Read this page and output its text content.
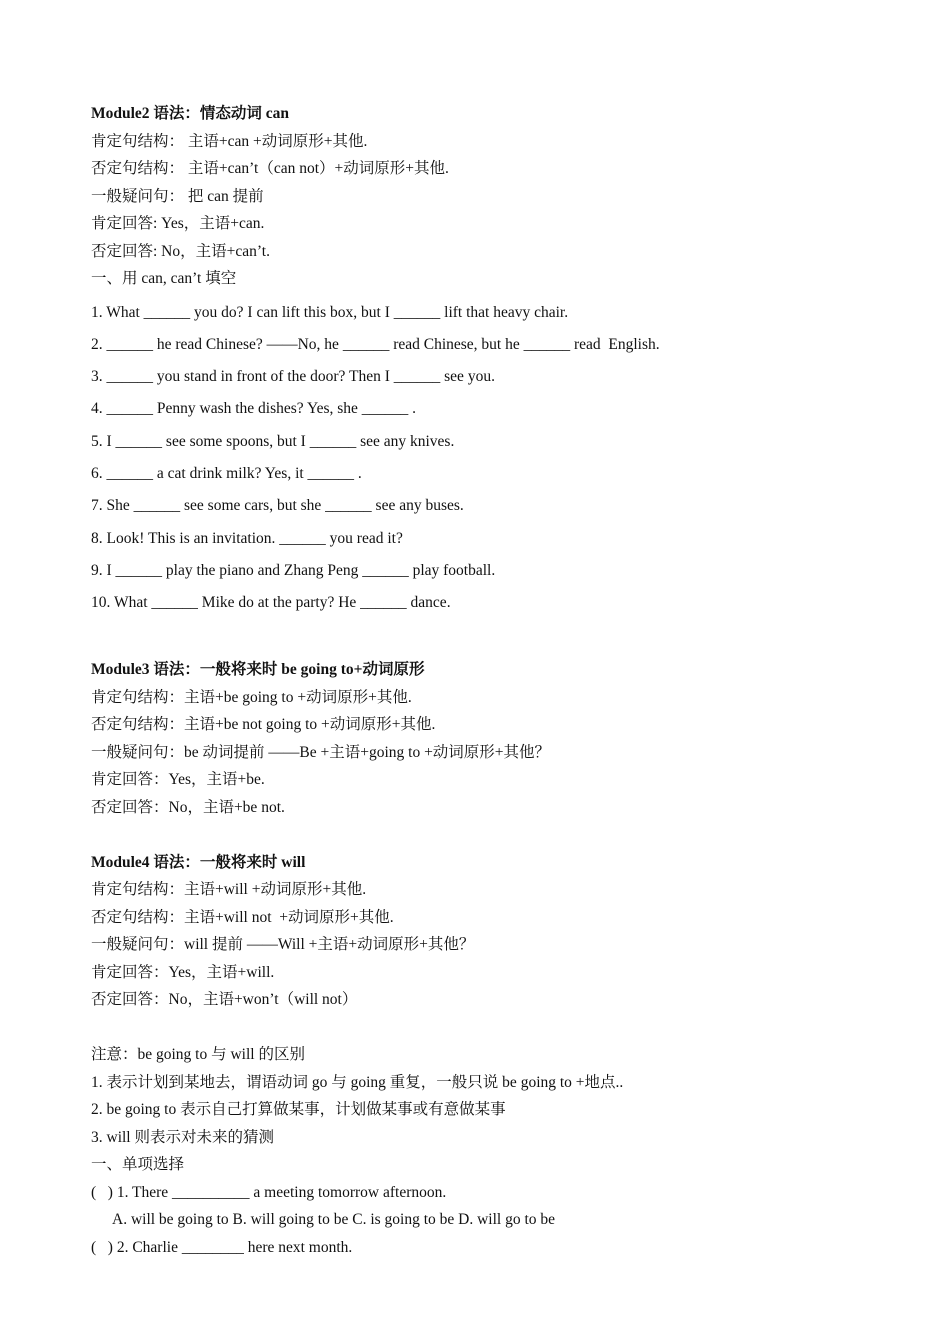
Module2 语法：情态动词 can
肯定句结构： 主语+can +动词原形+其他.
否定句结构： 主语+can’t（can not）+动词原形+其他.
一般疑问句： 把 can 提前
肯定回答: Yes，主语+can.
否定回答: No，主语+can’t.
一、用 can, can’t 填空
1. What ______ you do? I can lift this box, but I ______ lift that heavy chair.
2. ______ he read Chinese? ——No, he ______ read Chinese, but he ______ read  English.
3. ______ you stand in front of the door? Then I ______ see you.
4. ______ Penny wash the dishes? Yes, she ______ .
5. I ______ see some spoons, but I ______ see any knives.
6. ______ a cat drink milk? Yes, it ______ .
7. She ______ see some cars, but she ______ see any buses.
8. Look! This is an invitation. ______ you read it?
9. I ______ play the piano and Zhang Peng ______ play football.
10. What ______ Mike do at the party? He ______ dance.
Module3 语法：一般将来时 be going to+动词原形
肯定句结构：主语+be going to +动词原形+其他.
否定句结构：主语+be not going to +动词原形+其他.
一般疑问句：be 动词提前 ——Be +主语+going to +动词原形+其他？
肯定回答：Yes，主语+be.
否定回答：No，主语+be not.
Module4 语法：一般将来时 will
肯定句结构：主语+will +动词原形+其他.
否定句结构：主语+will not  +动词原形+其他.
一般疑问句：will 提前 ——Will +主语+动词原形+其他？
肯定回答：Yes，主语+will.
否定回答：No，主语+won’t（will not）
注意：be going to 与 will 的区别
1. 表示计划到某地去，谓语动词 go 与 going 重复，一般只说 be going to +地点..
2. be going to 表示自己打算做某事，计划做某事或有意做某事
3. will 则表示对未来的猜测
一、单项选择
(   ) 1. There __________ a meeting tomorrow afternoon.
A. will be going to B. will going to be C. is going to be D. will go to be
(   ) 2. Charlie ________ here next month.
